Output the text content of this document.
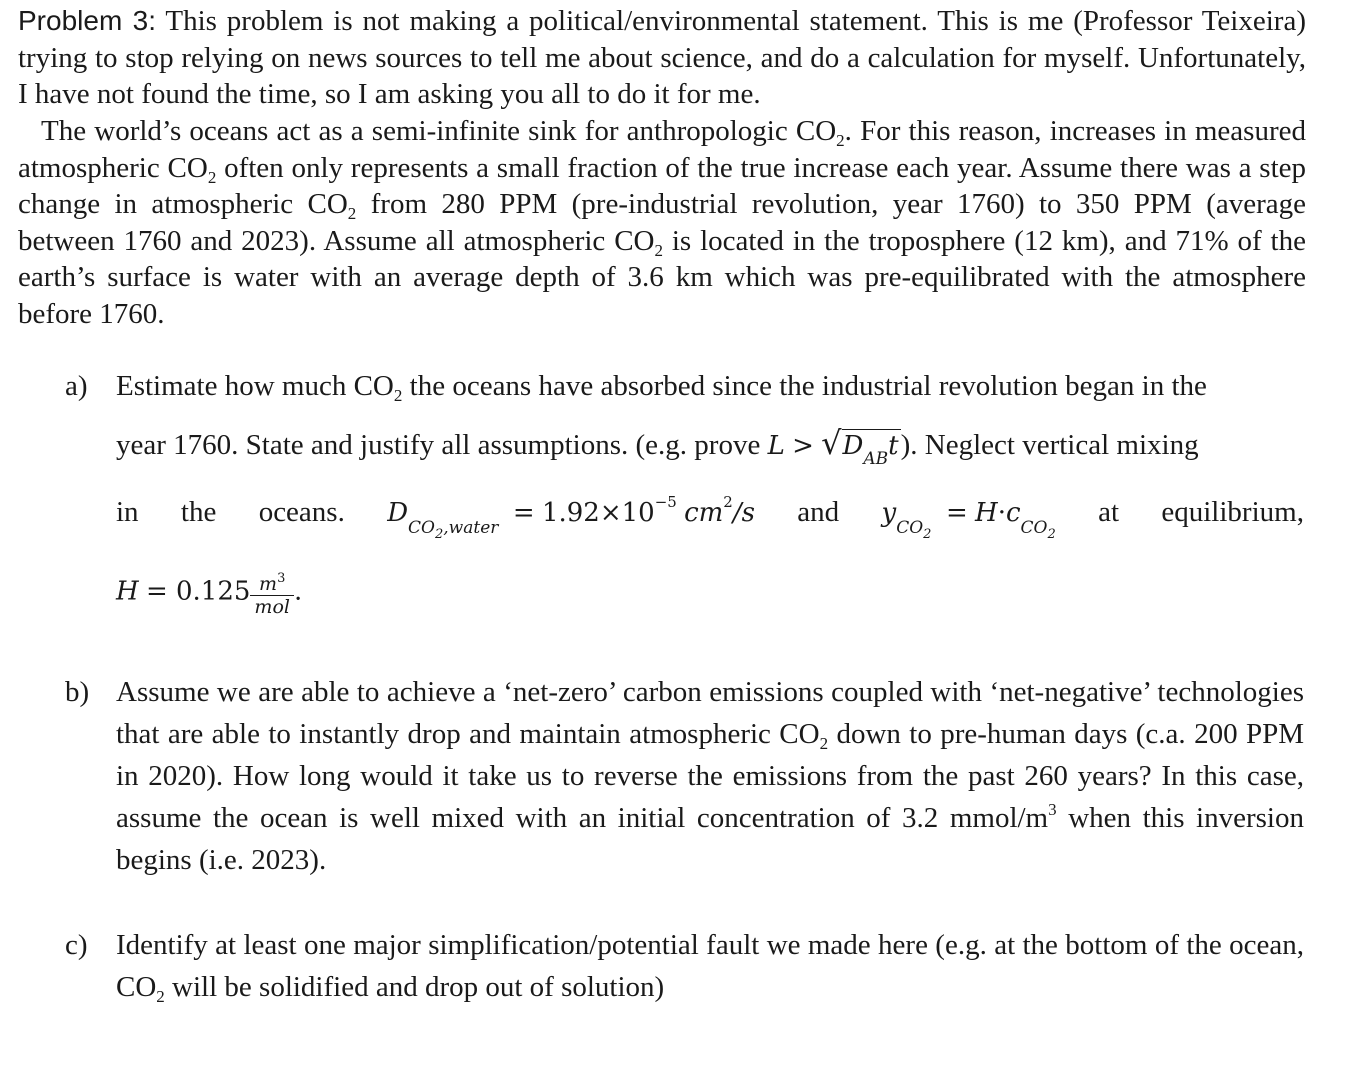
Problem 3: This problem is not making a political/environmental statement. This is me (Professor Teixeira) trying to stop relying on news sources to tell me about science, and do a calculation for myself. Unfortunately, I have not found the time, so I am asking you all to do it for me.
The world’s oceans act as a semi-infinite sink for anthropologic $CO_2$. For this reason, increases in measured atmospheric $CO_2$ often only represents a small fraction of the true increase each year. Assume there was a step change in atmospheric $CO_2$ from 280 PPM (pre-industrial revolution, year 1760) to 350 PPM (average between 1760 and 2023). Assume all atmospheric $CO_2$ is located in the troposphere (12 km), and 71% of the earth’s surface is water with an average depth of 3.6 km which was pre-equilibrated with the atmosphere before 1760.
a) Estimate how much $CO_2$ the oceans have absorbed since the industrial revolution began in the
year 1760. State and justify all assumptions. (e.g. prove $L > √D_{AB}t$). Neglect vertical mixing
in the oceans. $D_{CO_2,water} = 1.92\times 10^{-5}$ $cm^2/s$ and $y_{CO_2} = H\cdot c_{CO_2}$
at equilibrium,
$H = 0.125 \frac{m^3}{\text{mol}}$ .
b) Assume we are able to achieve a ‘net-zero’ carbon emissions coupled with ‘net-negative’ technologies that are able to instantly drop and maintain atmospheric $CO_2$ down to pre-human days (c.a. 200 PPM in 2020). How long would it take us to reverse the emissions from the past 260 years? In this case, assume the ocean is well mixed with an initial concentration of 3.2 mmol/$m^3$ when this inversion begins (i.e. 2023).
c) Identify at least one major simplification/potential fault we made here (e.g. at the bottom of the ocean, $CO_2$ will be solidified and drop out of solution)
